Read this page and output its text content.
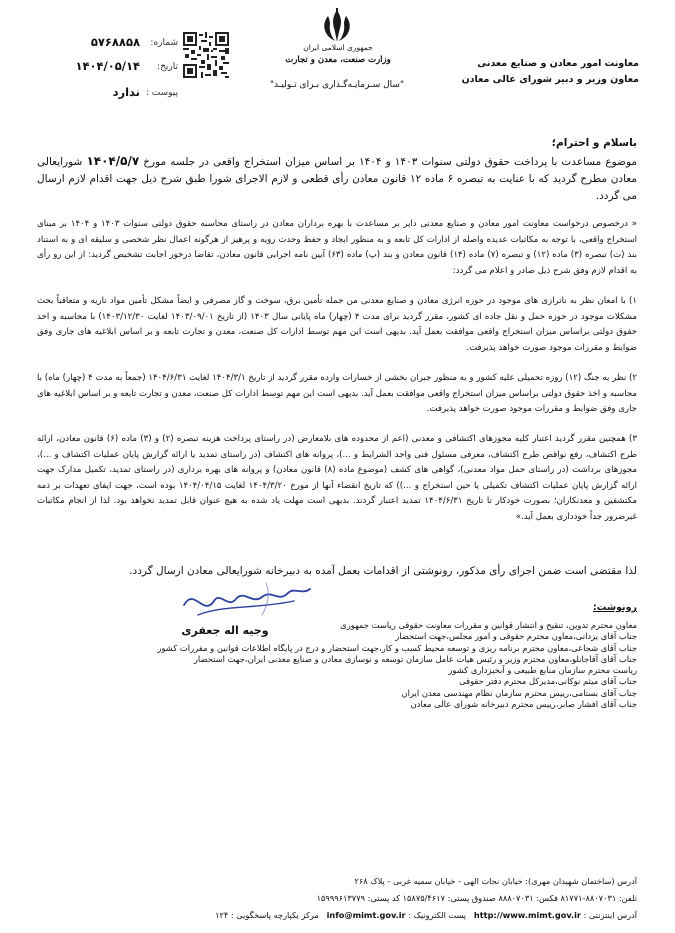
معاونت امور معادن و صنایع معدنی
معاون وزیر و دبیر شورای عالی معادن
جمهوری اسلامی ایران
وزارت صنعت، معدن و تجارت
"سال سـرمایـه‌گـذاری بـرای تـولیـد"
شماره:
۵۷۶۸۸۵۸
تاریخ:
۱۴۰۴/۰۵/۱۴
پیوست :
ندارد
باسلام و احترام؛
موضوع مساعدت با پرداخت حقوق دولتی سنوات ۱۴۰۳ و ۱۴۰۴ بر اساس میزان استخراج واقعی در جلسه مورخ ۱۴۰۴/۵/۷ شورایعالی معادن مطرح گردید که با عنایت به تبصره ۶ ماده ۱۲ قانون معادن رأی قطعی و لازم الاجرای شورا طبق شرح ذیل جهت اقدام لازم ارسال می گردد.
« درخصوص درخواست معاونت امور معادن و صنایع معدنی دایر بر مساعدت با بهره برداران معادن در راستای محاسبه حقوق دولتی سنوات ۱۴۰۳ و ۱۴۰۴ بر مبنای استخراج واقعی، با توجه به مکاتبات عدیده واصله از ادارات کل تابعه و به منظور ایجاد و حفظ وحدت رویه و پرهیز از هرگونه اعمال نظر شخصی و سلیقه ای و به استناد بند (ت) تبصره (۳) ماده (۱۲) و تبصره (۷) ماده (۱۴) قانون معادن و بند (پ) ماده (۶۳) آیین نامه اجرایی قانون معادن، تقاضا درخور اجابت تشخیص گردید: از این رو رأی به اقدام لازم وفق شرح ذیل صادر و اعلام می گردد:
۱) با امعان نظر به ناترازی های موجود در حوزه انرژی معادن و صنایع معدنی من جمله تأمین برق، سوخت و گاز مصرفی و ایضاً مشکل تأمین مواد ناریه و متعاقباً بحث مشکلات موجود در حوزه حمل و نقل جاده ای کشور، مقرر گردید برای مدت ۴ (چهار) ماه پایانی سال ۱۴۰۳ (از تاریخ ۱۴۰۳/۰۹/۰۱ لغایت ۱۴۰۳/۱۲/۳۰) با محاسبه و اخذ حقوق دولتی براساس میزان استخراج واقعی موافقت بعمل آید. بدیهی است این مهم توسط ادارات کل صنعت، معدن و تجارت تابعه و بر اساس ابلاغیه های جاری وفق ضوابط و مقررات موجود صورت خواهد پذیرفت.
۲) نظر به جنگ (۱۲) روزه تحمیلی علیه کشور و به منظور جبران بخشی از خسارات وارده مقرر گردید از تاریخ ۱۴۰۴/۳/۱ لغایت ۱۴۰۴/۶/۳۱ (جمعاً به مدت ۴ (چهار) ماه) با محاسبه و اخذ حقوق دولتی براساس میزان استخراج واقعی موافقت بعمل آید. بدیهی است این مهم توسط ادارات کل صنعت، معدن و تجارت تابعه و بر اساس ابلاغیه های جاری وفق ضوابط و مقررات موجود صورت خواهد پذیرفت.
۳) همچنین مقرر گردید اعتبار کلیه مجوزهای اکتشافی و معدنی (اعم از محدوده های بلامعارض (در راستای پرداخت هزینه تبصره (۲) و (۳) ماده (۶) قانون معادن، ارائه طرح اکتشاف، رفع نواقص طرح اکتشاف، معرفی مسئول فنی واجد الشرایط و ...)، پروانه های اکتشاف (در راستای تمدید یا ارائه گزارش پایان عملیات اکتشاف و ...)، مجوزهای برداشت (در راستای حمل مواد معدنی)، گواهی های کشف (موضوع ماده (۸) قانون معادن) و پروانه های بهره برداری (در راستای تمدید، تکمیل مدارک جهت ارائه گزارش پایان عملیات اکتشاف تکمیلی یا حین استخراج و ...)) که تاریخ انقضاء آنها از مورخ ۱۴۰۴/۳/۲۰ لغایت ۱۴۰۴/۰۴/۱۵ بوده است، جهت ایفای تعهدات بر ذمه مکتشفین و معدنکاران؛ بصورت خودکار تا تاریخ ۱۴۰۴/۶/۳۱ تمدید اعتبار گردند. بدیهی است مهلت یاد شده به هیچ عنوان قابل تمدید نخواهد بود. لذا از انجام مکاتبات غیرضرور جداً خودداری بعمل آید.»
لذا مقتضی است ضمن اجرای رأی مذکور، رونوشتی از اقدامات بعمل آمده به دبیرخانه شورایعالی معادن ارسال گردد.
وجیه اله جعفری
رونوشت:
معاون محترم تدوین، تنقیح و انتشار قوانین و مقررات معاونت حقوقی ریاست جمهوری
جناب آقای یزدانی،معاون محترم حقوقی و امور مجلس،جهت استحضار
جناب آقای شجاعی،معاون محترم برنامه ریزی و توسعه محیط کسب و کار،جهت استحضار و درج در پایگاه اطلاعات قوانین و مقررات کشور
جناب آقای آقاجانلو،معاون محترم وزیر و رئیس هیات عامل سازمان توسعه و نوسازی معادن و صنایع معدنی ایران،جهت استحضار
ریاست محترم سازمان منابع طبیعی و آبخیزداری کشور
جناب آقای میثم نوکانی،مدیرکل محترم دفتر حقوقی
جناب آقای بستامی،رییس محترم سازمان نظام مهندسی معدن ایران
جناب آقای افشار صابر،رییس محترم دبیرخانه شورای عالی معادن
آدرس (ساختمان شهیدان مهری): خیابان نجات الهی - خیابان سمیه غربی - پلاک ۲۶۸
تلفن: ۸۸۰۷۰۳۱-۸۱۷۷۱ فکس: ۸۸۸۰۷۰۳۱ صندوق پستی: ۱۵۸۷۵/۴۶۱۷ کد پستی: ۱۵۹۹۹۶۱۳۷۷۹
آدرس اینترنتی : http://www.mimt.gov.ir   پست الکترونیک : info@mimt.gov.ir   مرکز یکپارچه پاسخگویی : ۱۲۴
